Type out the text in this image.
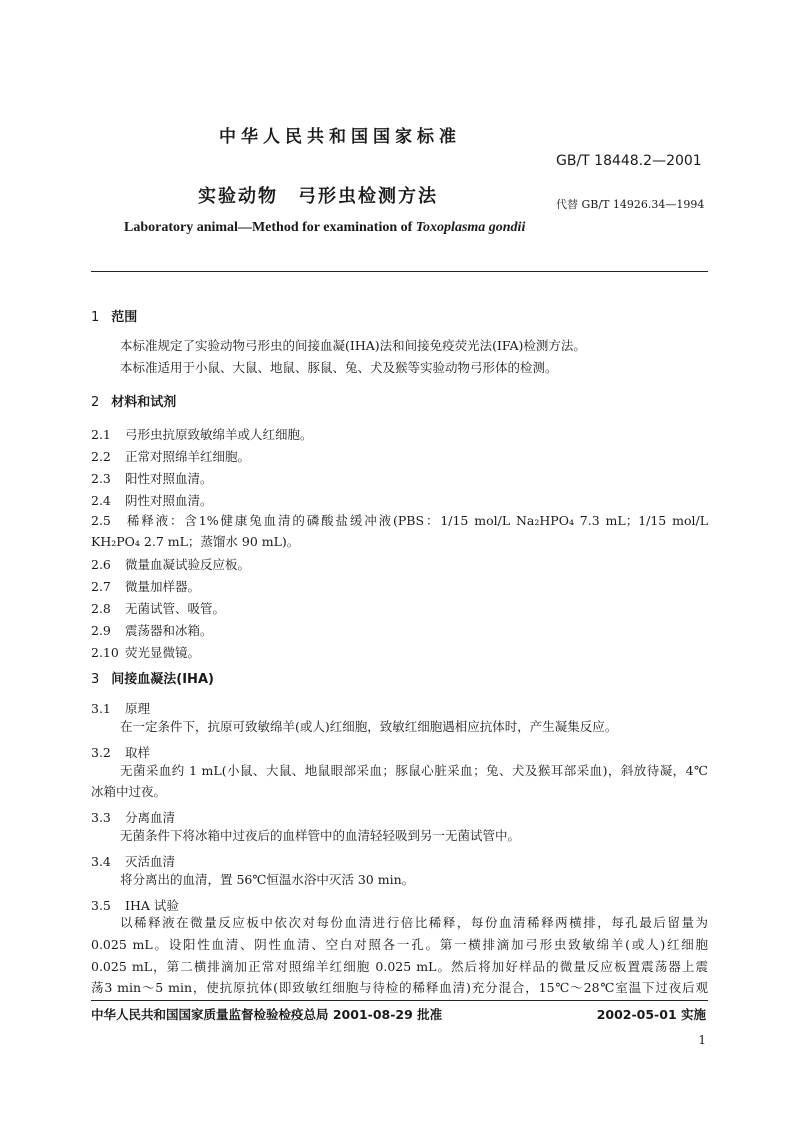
中华人民共和国国家标准
GB/T 18448.2—2001
实验动物　弓形虫检测方法	代替 GB/T 14926.34—1994
Laboratory animal—Method for examination of Toxoplasma gondii
1 范围
本标准规定了实验动物弓形虫的间接血凝(IHA)法和间接免疫荧光法(IFA)检测方法。
本标准适用于小鼠、大鼠、地鼠、豚鼠、兔、犬及猴等实验动物弓形体的检测。
2 材料和试剂
2.1 弓形虫抗原致敏绵羊或人红细胞。
2.2 正常对照绵羊红细胞。
2.3 阳性对照血清。
2.4 阴性对照血清。
2.5 稀释液：含1%健康兔血清的磷酸盐缓冲液(PBS：1/15 mol/L Na₂HPO₄ 7.3 mL；1/15 mol/L
KH₂PO₄ 2.7 mL；蒸馏水 90 mL)。
2.6 微量血凝试验反应板。
2.7 微量加样器。
2.8 无菌试管、吸管。
2.9 震荡器和冰箱。
2.10 荧光显微镜。
3 间接血凝法(IHA)
3.1 原理
在一定条件下，抗原可致敏绵羊(或人)红细胞，致敏红细胞遇相应抗体时，产生凝集反应。
3.2 取样
无菌采血约 1 mL(小鼠、大鼠、地鼠眼部采血；豚鼠心脏采血；兔、犬及猴耳部采血)，斜放待凝，4℃
冰箱中过夜。
3.3 分离血清
无菌条件下将冰箱中过夜后的血样管中的血清轻轻吸到另一无菌试管中。
3.4 灭活血清
将分离出的血清，置 56℃恒温水浴中灭活 30 min。
3.5 IHA 试验
以稀释液在微量反应板中依次对每份血清进行倍比稀释，每份血清稀释两横排，每孔最后留量为
0.025 mL。设阳性血清、阴性血清、空白对照各一孔。第一横排滴加弓形虫致敏绵羊(或人)红细胞
0.025 mL，第二横排滴加正常对照绵羊红细胞 0.025 mL。然后将加好样品的微量反应板置震荡器上震
荡3 min～5 min，使抗原抗体(即致敏红细胞与待检的稀释血清)充分混合，15℃～28℃室温下过夜后观
中华人民共和国国家质量监督检验检疫总局 2001-08-29 批准	2002-05-01 实施
1
